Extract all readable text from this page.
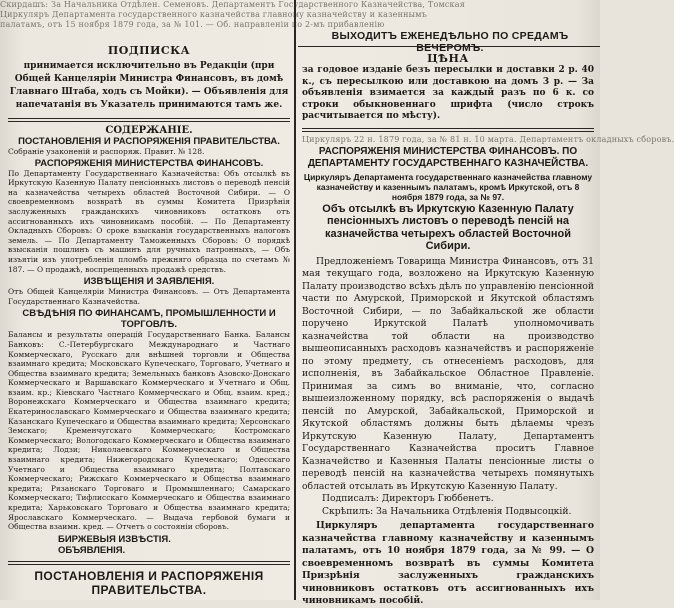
Скирдашъ: За Начальника Отдѣлен. Семеновъ. Департаментъ Государственного Казначейства, Томская
Циркуляръ Департамента государственного казначейства главному казначейству и казеннымъ
палатамъ, отъ 15 ноября 1879 года, за № 101. — Об. направленіи по 2-мъ прибавленію
ВЫХОДИТЪ ЕЖЕНЕДѢЛЬНО ПО СРЕДАМЪ ВЕЧЕРОМЪ.
ПОДПИСКА
принимается исключительно въ Редакціи (при Общей Канцеляріи Министра Финансовъ, въ домѣ Главнаго Штаба, ходъ съ Мойки). — Объявленія для напечатанія въ Указатель принимаются тамъ же.
СОДЕРЖАНІЕ.
ПОСТАНОВЛЕНІЯ И РАСПОРЯЖЕНІЯ ПРАВИТЕЛЬСТВА.
Собраніе узаконеній и распоряж. Правит. № 128.
РАСПОРЯЖЕНІЯ МИНИСТЕРСТВА ФИНАНСОВЪ.
По Департаменту Государственнаго Казначейства: Объ отсылкѣ въ Иркутскую Казенную Палату пенсіонныхъ листовъ о переводѣ пенсій на казначейства четырехъ областей Восточной Сибири. — О своевременномъ возвратѣ въ суммы Комитета Призрѣнія заслуженныхъ гражданскихъ чиновниковъ остатковъ отъ ассигнованныхъ ихъ чиновникамъ пособій. — По Департаменту Окладныхъ Сборовъ: О сроке взысканія государственныхъ налоговъ земель. — По Департаменту Таможенныхъ Сборовъ: О порядкѣ взысканія пошлинъ съ машинъ для ручныхъ патронныхъ, — Объ изъятіи изъ употребленія пломбъ прежняго образца по счетамъ № 187. — О продажѣ, воспрещенныхъ продажѣ средствъ.
ИЗВѢЩЕНІЯ И ЗАЯВЛЕНІЯ.
Отъ Общей Канцеляріи Министра Финансовъ. — Отъ Департамента Государственнаго Казначейства.
СВѢДѢНІЯ ПО ФИНАНСАМЪ, ПРОМЫШЛЕННОСТИ И ТОРГОВЛѢ.
Балансы и результаты операцій Государственнаго Банка. Балансы Банковъ: С.-Петербургскаго Международнаго и Частнаго Коммерческаго, Русскаго для внѣшней торговли и Общества взаимнаго кредита; Московскаго Купеческаго, Торговаго, Учетнаго и Общества взаимнаго кредита; Земельныхъ банковъ Азовско-Донскаго Коммерческаго и Варшавскаго Коммерческаго и Учетнаго и Общ. взаим. кр.; Кіевскаго Частнаго Коммерческаго и Общ. взаим. кред.; Воронежскаго Коммерческаго и Общества взаимнаго кредита; Екатеринославскаго Коммерческаго и Общества взаимнаго кредита; Казанскаго Купеческаго и Общества взаимнаго кредита; Херсонскаго Земскаго; Кременчугскаго Коммерческаго; Костромскаго Коммерческаго; Вологодскаго Коммерческаго и Общества взаимнаго кредита; Лодзи; Николаевскаго Коммерческаго и Общества взаимнаго кредита; Нижегородскаго Купеческаго; Одесскаго Учетнаго и Общества взаимнаго кредита; Полтавскаго Коммерческаго; Рижскаго Коммерческаго и Общества взаимнаго кредита; Рязанскаго Торговаго и Промышленнаго; Самарскаго Коммерческаго; Тифлисскаго Коммерческаго и Общества взаимнаго кредита; Харьковскаго Торговаго и Общества взаимнаго кредита; Ярославскаго Коммерческаго. — Выдача гербовой бумаги и Общества взаимн. кред. — Отчетъ о состояніи сборовъ.
БИРЖЕВЫЯ ИЗВѢСТІЯ.
ОБЪЯВЛЕНІЯ.
ПОСТАНОВЛЕНІЯ И РАСПОРЯЖЕНІЯ ПРАВИТЕЛЬСТВА.
ЦѢНА
за годовое изданіе безъ пересылки и доставки 2 р. 40 к., съ пересылкою или доставкою на домъ 3 р. — За объявленія взимается за каждый разъ по 6 к. со строки обыкновеннаго шрифта (число строкъ расчитывается по мѣсту).
Циркуляръ 22 н. 1879 года, за № 81 н. 10 марта. Департаментъ окладныхъ сборовъ.
РАСПОРЯЖЕНІЯ МИНИСТЕРСТВА ФИНАНСОВЪ. ПО ДЕПАРТАМЕНТУ ГОСУДАРСТВЕННАГО КАЗНАЧЕЙСТВА.
Циркуляръ Департамента государственнаго казначейства главному казначейству и казеннымъ палатамъ, кромѣ Иркутской, отъ 8 ноября 1879 года, за № 97.
Объ отсылкѣ въ Иркутскую Казенную Палату пенсіонныхъ листовъ о переводѣ пенсій на казначейства четырехъ областей Восточной Сибири.
Предложеніемъ Товарища Министра Финансовъ, отъ 31 мая текущаго года, возложено на Иркутскую Казенную Палату производство всѣхъ дѣлъ по управленію пенсіонной части по Амурской, Приморской и Якутской областямъ Восточной Сибири, — по Забайкальской же области поручено Иркутской Палатѣ уполномочивать казначейства той области на производство вышеописанныхъ расходовъ казначействъ и распоряженіе по этому предмету, съ отнесеніемъ расходовъ, для исполненія, въ Забайкальское Областное Правленіе. Принимая за симъ во вниманіе, что, согласно вышеизложенному порядку, всѣ распоряженія о выдачѣ пенсій по Амурской, Забайкальской, Приморской и Якутской областямъ должны быть дѣлаемы чрезъ Иркутскую Казенную Палату, Департаментъ Государственнаго Казначейства проситъ Главное Казначейство и Казенныя Палаты пенсіонные листы о переводѣ пенсій на казначейства четырехъ помянутыхъ областей отсылать въ Иркутскую Казенную Палату.
Подписалъ: Директоръ Гюббенетъ.
Скрѣпилъ: За Начальника Отдѣленія Подвысоцкій.
Циркуляръ департамента государственнаго казначейства главному казначейству и казеннымъ палатамъ, отъ 10 ноября 1879 года, за № 99. — О своевременномъ возвратѣ въ суммы Комитета Призрѣнія заслуженныхъ гражданскихъ чиновниковъ остатковъ отъ ассигнованныхъ ихъ чиновникамъ пособій.
